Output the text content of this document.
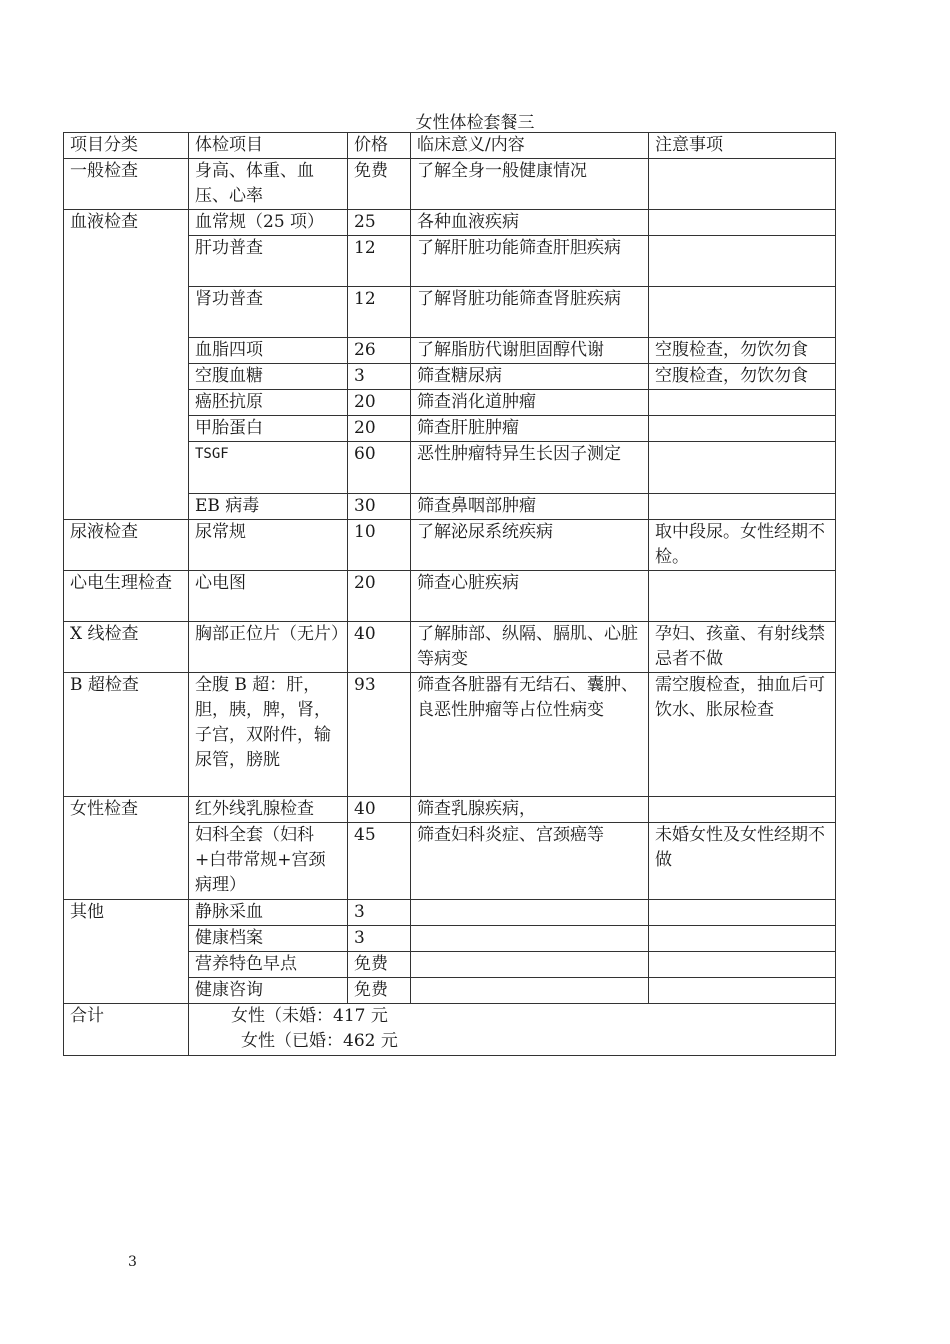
女性体检套餐三
项目分类	体检项目	价格	临床意义/内容	注意事项
一般检查	身高、体重、血压、心率	免费	了解全身一般健康情况	
血液检查	血常规（25 项）	25	各种血液疾病	
	肝功普查	12	了解肝脏功能筛查肝胆疾病	
	肾功普查	12	了解肾脏功能筛查肾脏疾病	
	血脂四项	26	了解脂肪代谢胆固醇代谢	空腹检查，勿饮勿食
	空腹血糖	3	筛查糖尿病	空腹检查，勿饮勿食
	癌胚抗原	20	筛查消化道肿瘤	
	甲胎蛋白	20	筛查肝脏肿瘤	
	TSGF	60	恶性肿瘤特异生长因子测定	
	EB 病毒	30	筛查鼻咽部肿瘤	
尿液检查	尿常规	10	了解泌尿系统疾病	取中段尿。女性经期不检。
心电生理检查	心电图	20	筛查心脏疾病	
X 线检查	胸部正位片（无片）	40	了解肺部、纵隔、膈肌、心脏等病变	孕妇、孩童、有射线禁忌者不做
B 超检查	全腹 B 超：肝，胆，胰，脾，肾，子宫，双附件，输尿管，膀胱	93	筛查各脏器有无结石、囊肿、良恶性肿瘤等占位性病变	需空腹检查，抽血后可饮水、胀尿检查
女性检查	红外线乳腺检查	40	筛查乳腺疾病，	
	妇科全套（妇科+白带常规+宫颈病理）	45	筛查妇科炎症、宫颈癌等	未婚女性及女性经期不做
其他	静脉采血	3		
	健康档案	3		
	营养特色早点	免费		
	健康咨询	免费		
合计	女性（未婚：417 元
女性（已婚：462 元			
3
